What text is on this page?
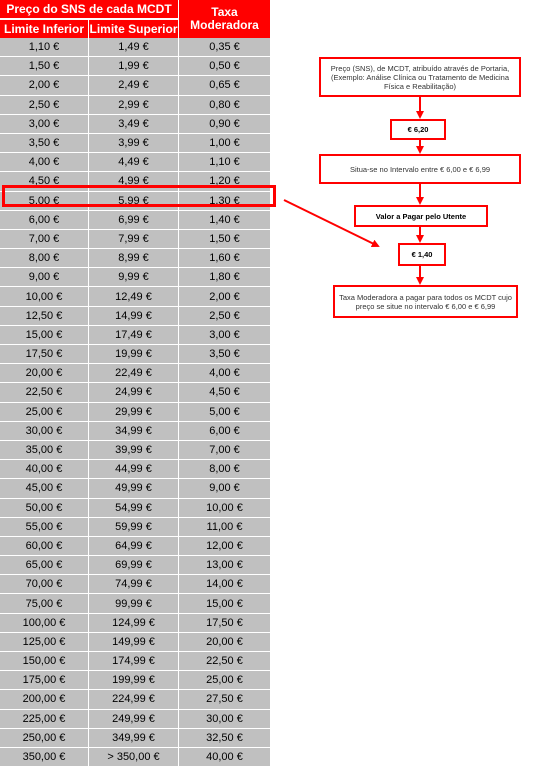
Preço do SNS de cada MCDT
Limite Inferior Limite Superior
Taxa Moderadora
1,10 €	1,49 €	0,35 €
1,50 €	1,99 €	0,50 €
2,00 €	2,49 €	0,65 €
2,50 €	2,99 €	0,80 €
3,00 €	3,49 €	0,90 €
3,50 €	3,99 €	1,00 €
4,00 €	4,49 €	1,10 €
4,50 €	4,99 €	1,20 €
5,00 €	5,99 €	1,30 €
6,00 €	6,99 €	1,40 €
7,00 €	7,99 €	1,50 €
8,00 €	8,99 €	1,60 €
9,00 €	9,99 €	1,80 €
10,00 €	12,49 €	2,00 €
12,50 €	14,99 €	2,50 €
15,00 €	17,49 €	3,00 €
17,50 €	19,99 €	3,50 €
20,00 €	22,49 €	4,00 €
22,50 €	24,99 €	4,50 €
25,00 €	29,99 €	5,00 €
30,00 €	34,99 €	6,00 €
35,00 €	39,99 €	7,00 €
40,00 €	44,99 €	8,00 €
45,00 €	49,99 €	9,00 €
50,00 €	54,99 €	10,00 €
55,00 €	59,99 €	11,00 €
60,00 €	64,99 €	12,00 €
65,00 €	69,99 €	13,00 €
70,00 €	74,99 €	14,00 €
75,00 €	99,99 €	15,00 €
100,00 €	124,99 €	17,50 €
125,00 €	149,99 €	20,00 €
150,00 €	174,99 €	22,50 €
175,00 €	199,99 €	25,00 €
200,00 €	224,99 €	27,50 €
225,00 €	249,99 €	30,00 €
250,00 €	349,99 €	32,50 €
350,00 €	> 350,00 €	40,00 €
Preço (SNS), de MCDT, atribuído através de Portaria, (Exemplo: Análise Clínica ou Tratamento de Medicina Física e Reabilitação)
€ 6,20
Situa-se no Intervalo entre € 6,00 e € 6,99
Valor a Pagar pelo Utente
€ 1,40
Taxa Moderadora a pagar para todos os MCDT cujo preço se situe no intervalo € 6,00 e € 6,99
